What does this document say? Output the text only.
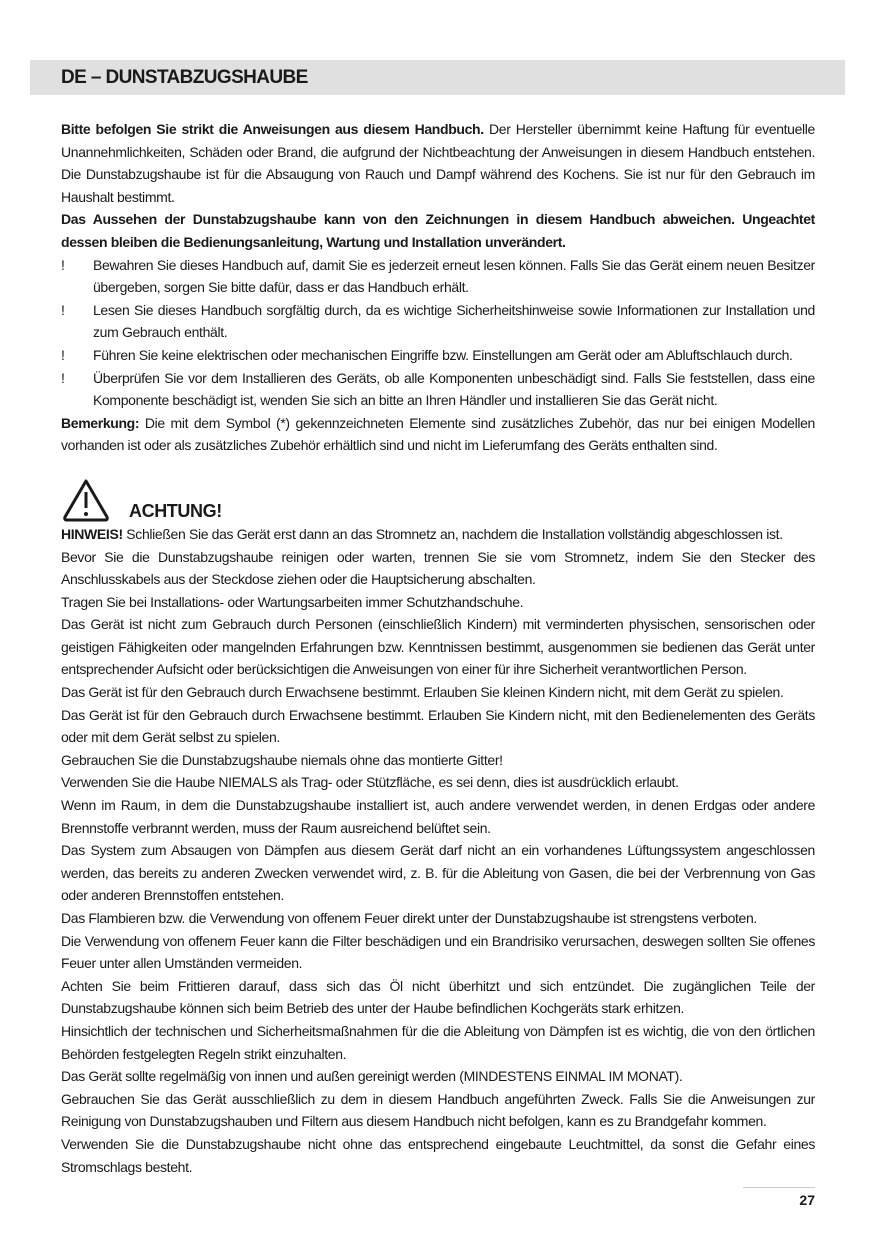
DE – DUNSTABZUGSHAUBE

Bitte befolgen Sie strikt die Anweisungen aus diesem Handbuch. Der Hersteller übernimmt keine Haftung für eventuelle Unannehmlichkeiten, Schäden oder Brand, die aufgrund der Nichtbeachtung der Anweisungen in diesem Handbuch entstehen. Die Dunstabzugshaube ist für die Absaugung von Rauch und Dampf während des Kochens. Sie ist nur für den Gebrauch im Haushalt bestimmt.

Das Aussehen der Dunstabzugshaube kann von den Zeichnungen in diesem Handbuch abweichen. Ungeachtet dessen bleiben die Bedienungsanleitung, Wartung und Installation unverändert.

! Bewahren Sie dieses Handbuch auf, damit Sie es jederzeit erneut lesen können. Falls Sie das Gerät einem neuen Besitzer übergeben, sorgen Sie bitte dafür, dass er das Handbuch erhält.
! Lesen Sie dieses Handbuch sorgfältig durch, da es wichtige Sicherheitshinweise sowie Informationen zur Installation und zum Gebrauch enthält.
! Führen Sie keine elektrischen oder mechanischen Eingriffe bzw. Einstellungen am Gerät oder am Abluftschlauch durch.
! Überprüfen Sie vor dem Installieren des Geräts, ob alle Komponenten unbeschädigt sind. Falls Sie feststellen, dass eine Komponente beschädigt ist, wenden Sie sich an bitte an Ihren Händler und installieren Sie das Gerät nicht.

Bemerkung: Die mit dem Symbol (*) gekennzeichneten Elemente sind zusätzliches Zubehör, das nur bei einigen Modellen vorhanden ist oder als zusätzliches Zubehör erhältlich sind und nicht im Lieferumfang des Geräts enthalten sind.

ACHTUNG!

HINWEIS! Schließen Sie das Gerät erst dann an das Stromnetz an, nachdem die Installation vollständig abgeschlossen ist.

Bevor Sie die Dunstabzugshaube reinigen oder warten, trennen Sie sie vom Stromnetz, indem Sie den Stecker des Anschlusskabels aus der Steckdose ziehen oder die Hauptsicherung abschalten.

Tragen Sie bei Installations- oder Wartungsarbeiten immer Schutzhandschuhe.

Das Gerät ist nicht zum Gebrauch durch Personen (einschließlich Kindern) mit verminderten physischen, sensorischen oder geistigen Fähigkeiten oder mangelnden Erfahrungen bzw. Kenntnissen bestimmt, ausgenommen sie bedienen das Gerät unter entsprechender Aufsicht oder berücksichtigen die Anweisungen von einer für ihre Sicherheit verantwortlichen Person.

Das Gerät ist für den Gebrauch durch Erwachsene bestimmt. Erlauben Sie kleinen Kindern nicht, mit dem Gerät zu spielen.

Das Gerät ist für den Gebrauch durch Erwachsene bestimmt. Erlauben Sie Kindern nicht, mit den Bedienelementen des Geräts oder mit dem Gerät selbst zu spielen.

Gebrauchen Sie die Dunstabzugshaube niemals ohne das montierte Gitter!

Verwenden Sie die Haube NIEMALS als Trag- oder Stützfläche, es sei denn, dies ist ausdrücklich erlaubt.

Wenn im Raum, in dem die Dunstabzugshaube installiert ist, auch andere verwendet werden, in denen Erdgas oder andere Brennstoffe verbrannt werden, muss der Raum ausreichend belüftet sein.

Das System zum Absaugen von Dämpfen aus diesem Gerät darf nicht an ein vorhandenes Lüftungssystem angeschlossen werden, das bereits zu anderen Zwecken verwendet wird, z. B. für die Ableitung von Gasen, die bei der Verbrennung von Gas oder anderen Brennstoffen entstehen.

Das Flambieren bzw. die Verwendung von offenem Feuer direkt unter der Dunstabzugshaube ist strengstens verboten.

Die Verwendung von offenem Feuer kann die Filter beschädigen und ein Brandrisiko verursachen, deswegen sollten Sie offenes Feuer unter allen Umständen vermeiden.

Achten Sie beim Frittieren darauf, dass sich das Öl nicht überhitzt und sich entzündet. Die zugänglichen Teile der Dunstabzugshaube können sich beim Betrieb des unter der Haube befindlichen Kochgeräts stark erhitzen.

Hinsichtlich der technischen und Sicherheitsmaßnahmen für die die Ableitung von Dämpfen ist es wichtig, die von den örtlichen Behörden festgelegten Regeln strikt einzuhalten.

Das Gerät sollte regelmäßig von innen und außen gereinigt werden (MINDESTENS EINMAL IM MONAT).

Gebrauchen Sie das Gerät ausschließlich zu dem in diesem Handbuch angeführten Zweck. Falls Sie die Anweisungen zur Reinigung von Dunstabzugshauben und Filtern aus diesem Handbuch nicht befolgen, kann es zu Brandgefahr kommen.

Verwenden Sie die Dunstabzugshaube nicht ohne das entsprechend eingebaute Leuchtmittel, da sonst die Gefahr eines Stromschlags besteht.

27
